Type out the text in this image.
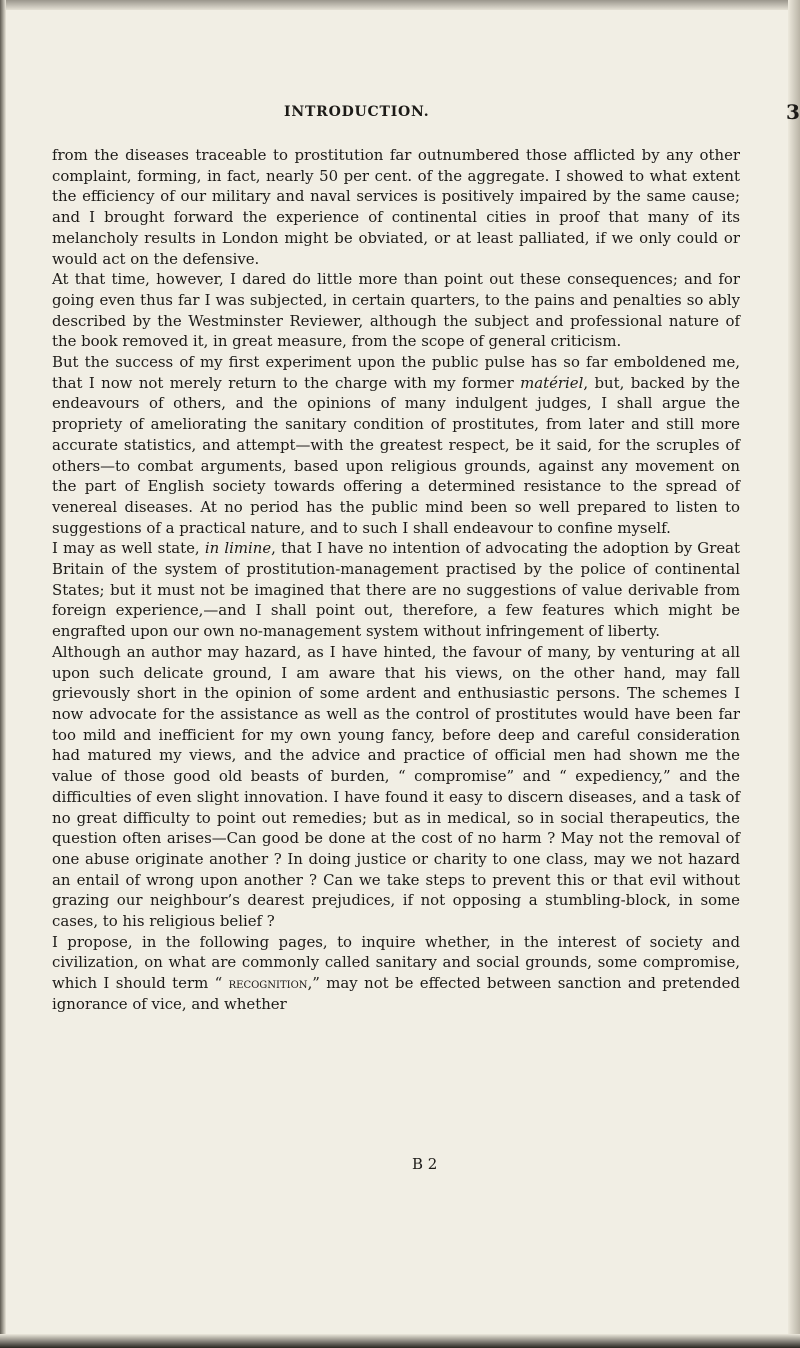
INTRODUCTION.	3

from the diseases traceable to prostitution far outnumbered those afflicted by any other complaint, forming, in fact, nearly 50 per cent. of the aggregate. I showed to what extent the efficiency of our military and naval services is positively impaired by the same cause; and I brought forward the experience of continental cities in proof that many of its melancholy results in London might be obviated, or at least palliated, if we only could or would act on the defensive.

At that time, however, I dared do little more than point out these consequences; and for going even thus far I was subjected, in certain quarters, to the pains and penalties so ably described by the Westminster Reviewer, although the subject and professional nature of the book removed it, in great measure, from the scope of general criticism.

But the success of my first experiment upon the public pulse has so far emboldened me, that I now not merely return to the charge with my former matériel, but, backed by the endeavours of others, and the opinions of many indulgent judges, I shall argue the propriety of ameliorating the sanitary condition of prostitutes, from later and still more accurate statistics, and attempt—with the greatest respect, be it said, for the scruples of others—to combat arguments, based upon religious grounds, against any movement on the part of English society towards offering a determined resistance to the spread of venereal diseases. At no period has the public mind been so well prepared to listen to suggestions of a practical nature, and to such I shall endeavour to confine myself.

I may as well state, in limine, that I have no intention of advocating the adoption by Great Britain of the system of prostitution-management practised by the police of continental States; but it must not be imagined that there are no suggestions of value derivable from foreign experience,—and I shall point out, therefore, a few features which might be engrafted upon our own no-management system without infringement of liberty.

Although an author may hazard, as I have hinted, the favour of many, by venturing at all upon such delicate ground, I am aware that his views, on the other hand, may fall grievously short in the opinion of some ardent and enthusiastic persons. The schemes I now advocate for the assistance as well as the control of prostitutes would have been far too mild and inefficient for my own young fancy, before deep and careful consideration had matured my views, and the advice and practice of official men had shown me the value of those good old beasts of burden, “ compromise” and “ expediency,” and the difficulties of even slight innovation. I have found it easy to discern diseases, and a task of no great difficulty to point out remedies; but as in medical, so in social therapeutics, the question often arises—Can good be done at the cost of no harm ? May not the removal of one abuse originate another ? In doing justice or charity to one class, may we not hazard an entail of wrong upon another ? Can we take steps to prevent this or that evil without grazing our neighbour’s dearest prejudices, if not opposing a stumbling-block, in some cases, to his religious belief ?

I propose, in the following pages, to inquire whether, in the interest of society and civilization, on what are commonly called sanitary and social grounds, some compromise, which I should term “ recognition,” may not be effected between sanction and pretended ignorance of vice, and whether

B 2
